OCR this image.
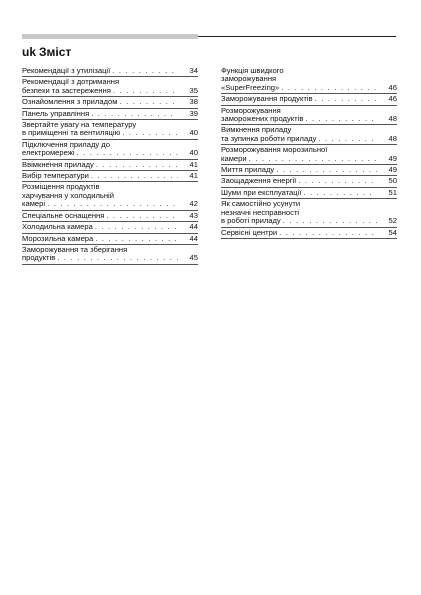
uk Зміст
Рекомендації з утилізації . . .	34
Рекомендації з дотримання
безпеки та застереження . . .	35
Ознайомлення з приладом . . .	38
Панель управління . . .	39
Звертайте увагу на температуру
в приміщенні та вентиляцію . . .	40
Підключення приладу до
електромережі . . .	40
Ввімкнення приладу . . .	41
Вибір температури . . .	41
Розміщення продуктів
харчування у холодильній
камері . . .	42
Спеціальне оснащення . . .	43
Холодильна камера . . .	44
Морозильна камера . . .	44
Заморожування та зберігання
продуктів . . .	45
Функція швидкого
заморожування
«SuperFreezing» . . .	46
Заморожування продуктів . . .	46
Розморожування
заморожених продуктів . . .	48
Вимкнення приладу
та зупинка роботи приладу . . .	48
Розморожування морозильної
камери . . .	49
Миття приладу . . .	49
Заощадження енергії . . .	50
Шуми при експлуатації . . .	51
Як самостійно усунути
незначні несправності
в роботі приладу . . .	52
Сервісні центри . . .	54
